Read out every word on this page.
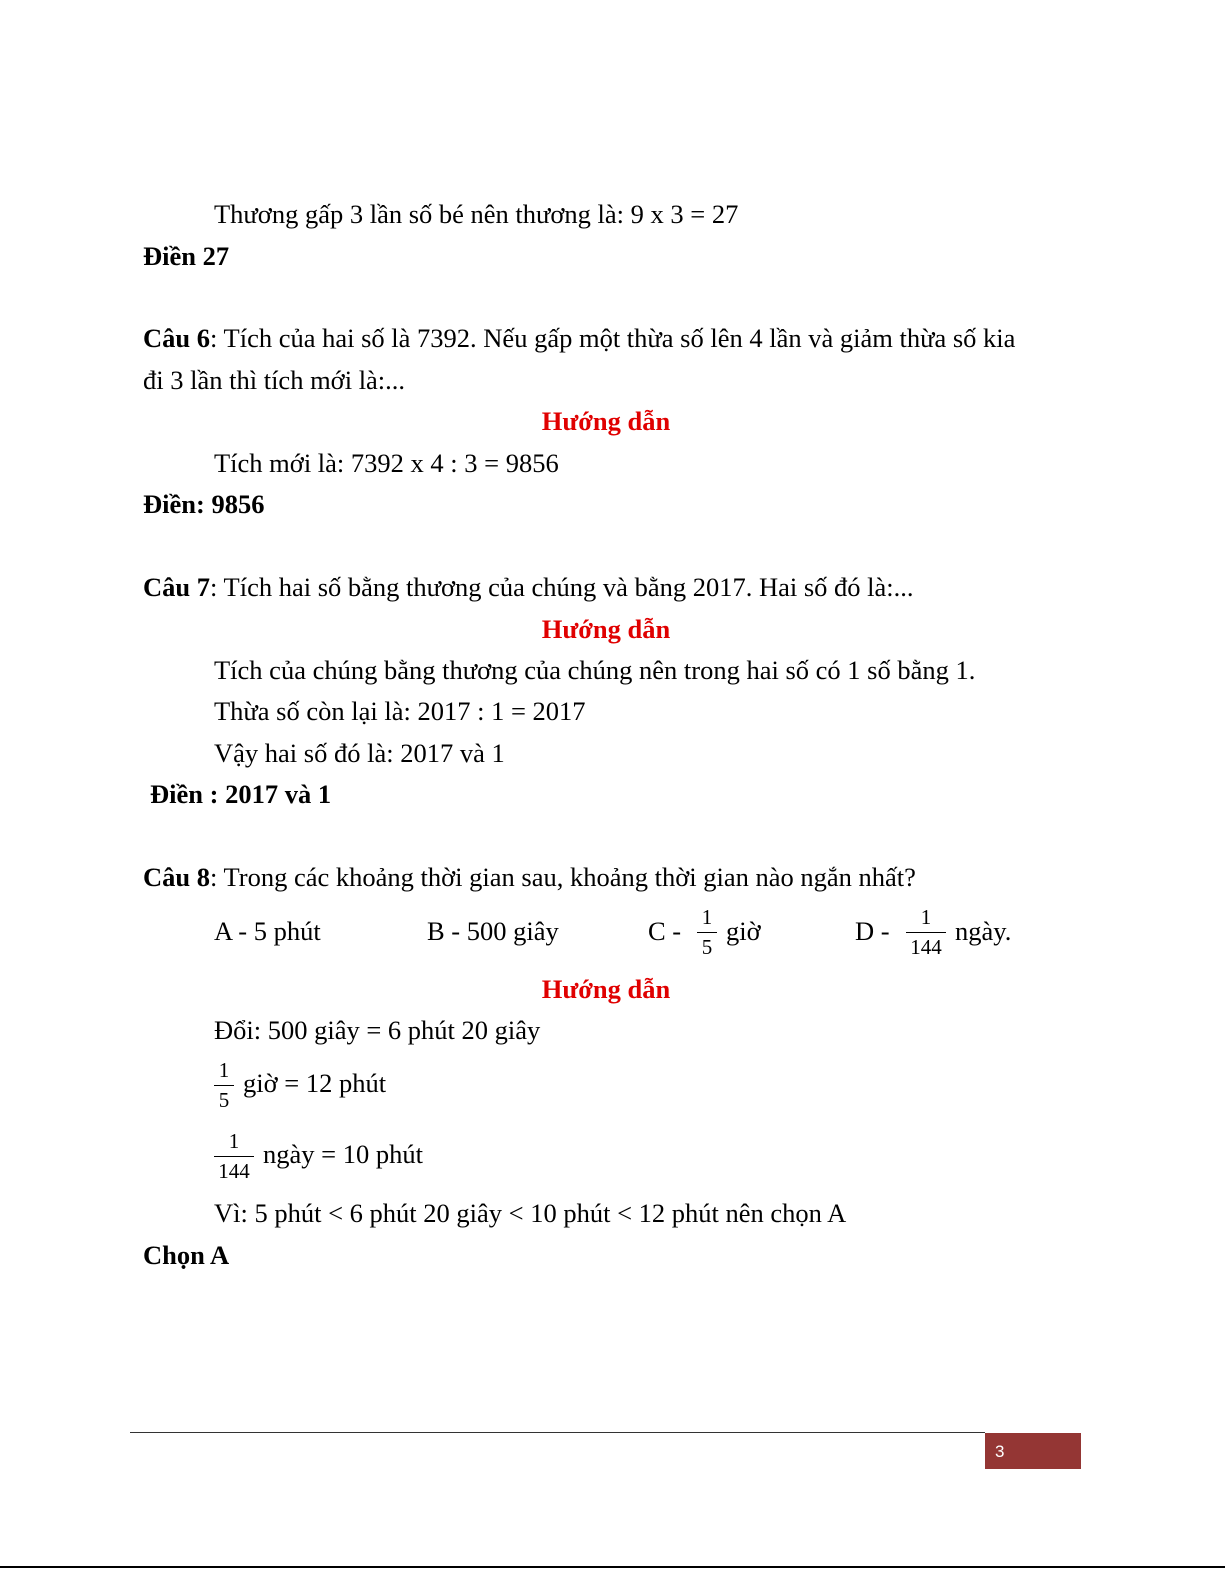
Thương gấp 3 lần số bé nên thương là: 9 x 3 = 27
Điền 27
Câu 6: Tích của hai số là 7392. Nếu gấp một thừa số lên 4 lần và giảm thừa số kia
đi 3 lần thì tích mới là:...
Hướng dẫn
Tích mới là: 7392 x 4 : 3 = 9856
Điền: 9856
Câu 7: Tích hai số bằng thương của chúng và bằng 2017. Hai số đó là:...
Hướng dẫn
Tích của chúng bằng thương của chúng nên trong hai số có 1 số bằng 1.
Thừa số còn lại là: 2017 : 1 = 2017
Vậy hai số đó là: 2017 và 1
Điền : 2017 và 1
Câu 8: Trong các khoảng thời gian sau, khoảng thời gian nào ngắn nhất?
A - 5 phút	B - 500 giây	C - 1
5
giờ	D -	1
144
ngày.
Hướng dẫn
Đổi: 500 giây = 6 phút 20 giây
1
5
giờ = 12 phút
1
144
ngày = 10 phút
Vì: 5 phút < 6 phút 20 giây < 10 phút < 12 phút nên chọn A
Chọn A
3
